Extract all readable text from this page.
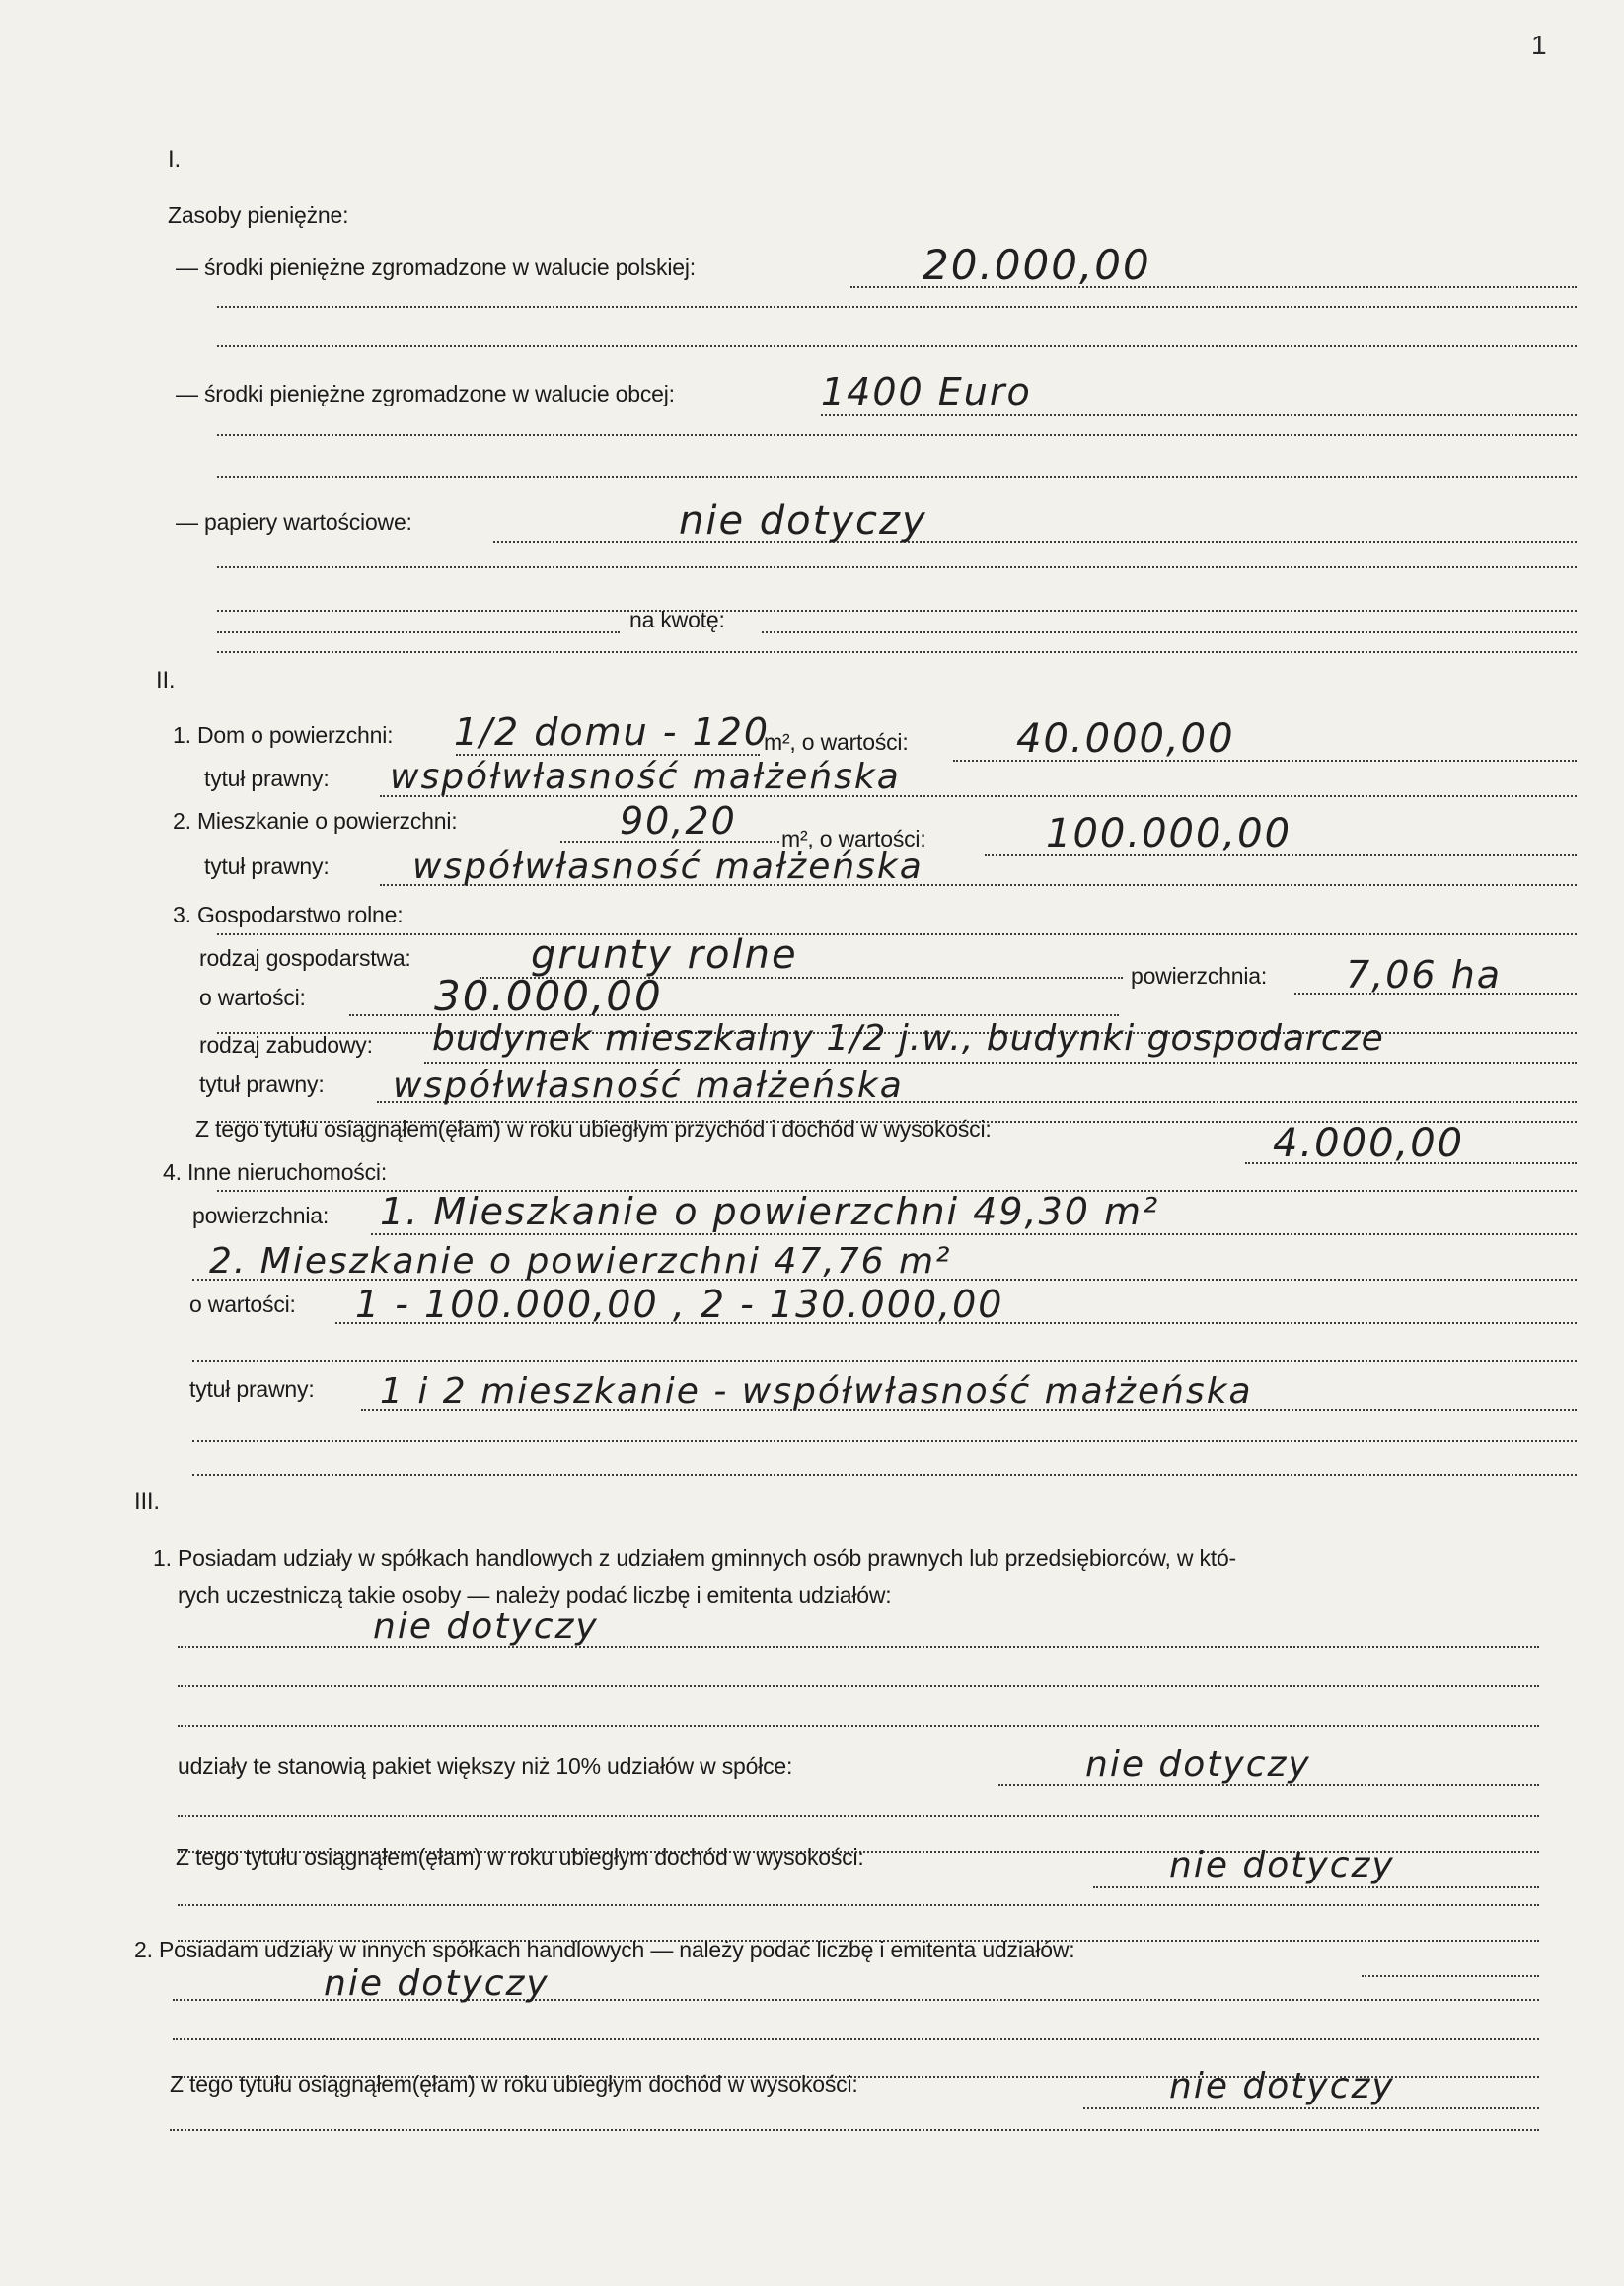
1
I.
Zasoby pieniężne:
— środki pieniężne zgromadzone w walucie polskiej:	20.000,00
— środki pieniężne zgromadzone w walucie obcej:	1400 Euro
— papiery wartościowe:	nie dotyczy
na kwotę:
II.
1. Dom o powierzchni: 1/2 domu - 120
m², o wartości:	40.000,00
tytuł prawny: współwłasność małżeńska
2. Mieszkanie o powierzchni:	90,20 m², o wartości:	100.000,00
tytuł prawny: współwłasność małżeńska
3. Gospodarstwo rolne:
rodzaj gospodarstwa:	grunty rolne	powierzchnia: 7,06 ha
o wartości:	30.000,00
rodzaj zabudowy: budynek mieszkalny 1/2 j.w., budynki gospodarcze
tytuł prawny: współwłasność małżeńska
Z tego tytułu osiągnąłem(ęłam) w roku ubiegłym przychód i dochód w wysokości:	4.000,00
4. Inne nieruchomości:
powierzchnia: 1. Mieszkanie o powierzchni 49,30 m²
2. Mieszkanie o powierzchni 47,76 m²
o wartości: 1 - 100.000,00 , 2 - 130.000,00
tytuł prawny: 1 i 2 mieszkanie - współwłasność małżeńska
III.
1. Posiadam udziały w spółkach handlowych z udziałem gminnych osób prawnych lub przedsiębiorców, w któ-
rych uczestniczą takie osoby — należy podać liczbę i emitenta udziałów:
nie dotyczy
udziały te stanowią pakiet większy niż 10% udziałów w spółce:	nie dotyczy
Z tego tytułu osiągnąłem(ęłam) w roku ubiegłym dochód w wysokości:	nie dotyczy
2. Posiadam udziały w innych spółkach handlowych — należy podać liczbę i emitenta udziałów:
nie dotyczy
Z tego tytułu osiągnąłem(ęłam) w roku ubiegłym dochód w wysokości:	nie dotyczy
